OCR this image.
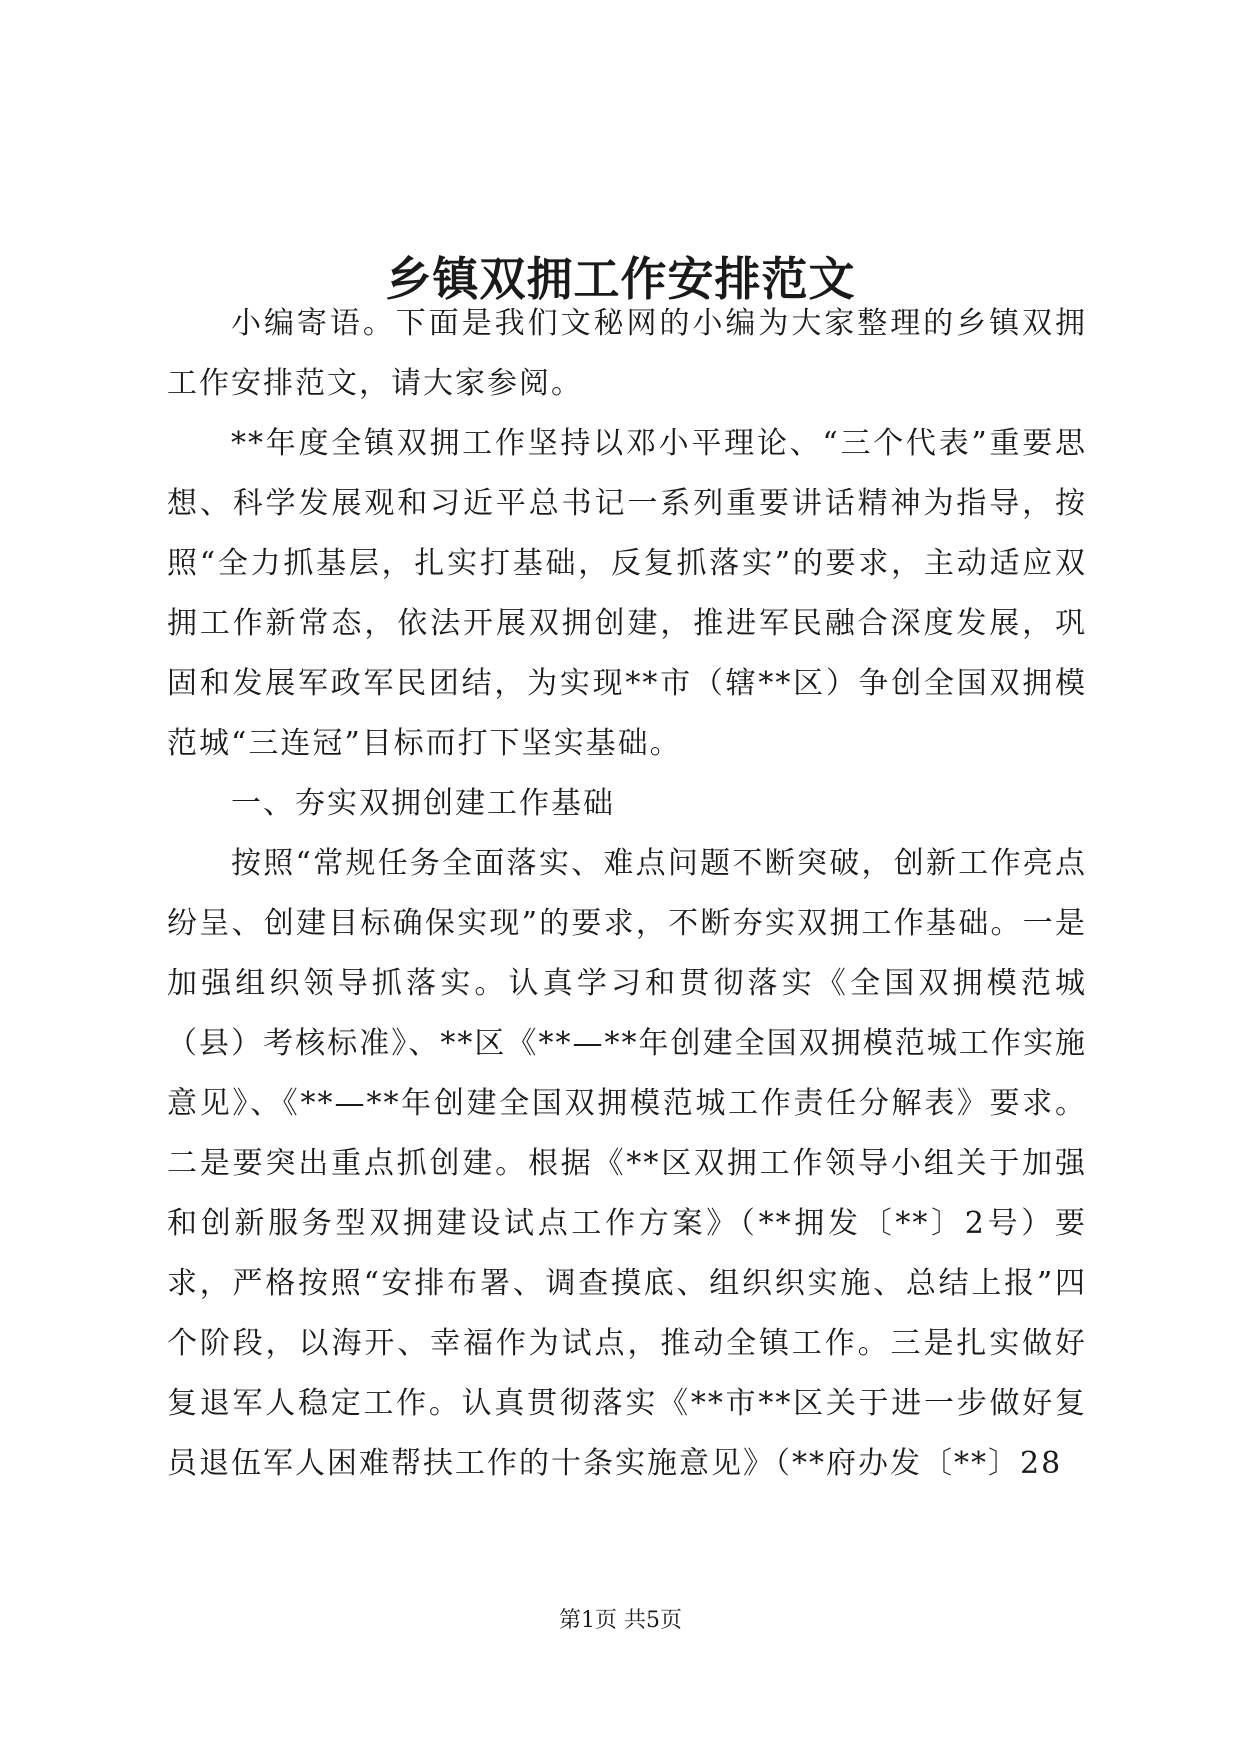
乡镇双拥工作安排范文

小编寄语。下面是我们文秘网的小编为大家整理的乡镇双拥工作安排范文，请大家参阅。

**年度全镇双拥工作坚持以邓小平理论、“三个代表”重要思想、科学发展观和习近平总书记一系列重要讲话精神为指导，按照“全力抓基层，扎实打基础，反复抓落实”的要求，主动适应双拥工作新常态，依法开展双拥创建，推进军民融合深度发展，巩固和发展军政军民团结，为实现**市（辖**区）争创全国双拥模范城“三连冠”目标而打下坚实基础。

一、夯实双拥创建工作基础

按照“常规任务全面落实、难点问题不断突破，创新工作亮点纷呈、创建目标确保实现”的要求，不断夯实双拥工作基础。一是加强组织领导抓落实。认真学习和贯彻落实《全国双拥模范城（县）考核标准》、**区《**—**年创建全国双拥模范城工作实施意见》、《**—**年创建全国双拥模范城工作责任分解表》要求。二是要突出重点抓创建。根据《**区双拥工作领导小组关于加强和创新服务型双拥建设试点工作方案》（**拥发〔**〕2号）要求，严格按照“安排布署、调查摸底、组织织实施、总结上报”四个阶段，以海开、幸福作为试点，推动全镇工作。三是扎实做好复退军人稳定工作。认真贯彻落实《**市**区关于进一步做好复员退伍军人困难帮扶工作的十条实施意见》（**府办发〔**〕28

第1页 共5页
